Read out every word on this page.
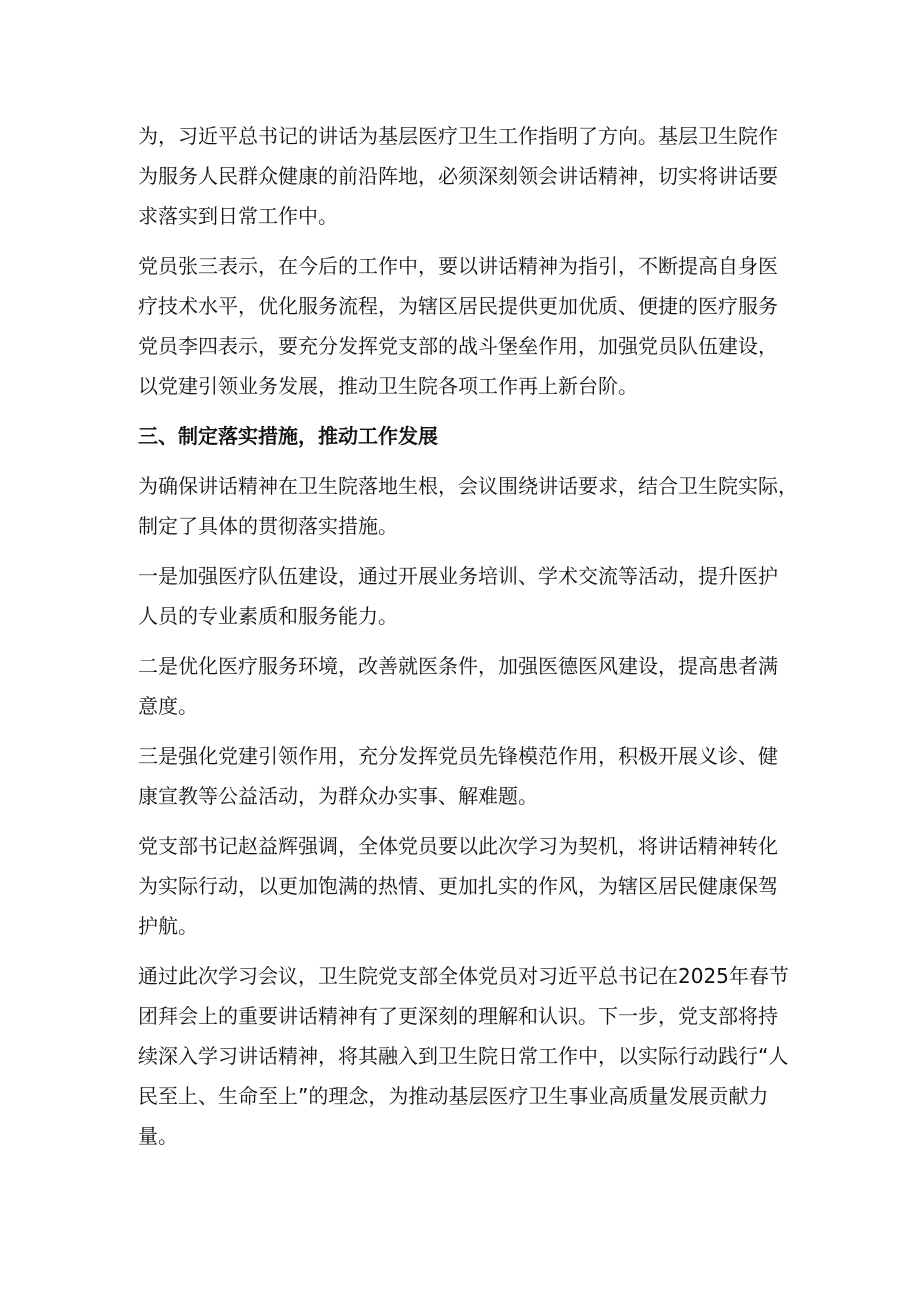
为，习近平总书记的讲话为基层医疗卫生工作指明了方向。基层卫生院作
为服务人民群众健康的前沿阵地，必须深刻领会讲话精神，切实将讲话要
求落实到日常工作中。
党员张三表示，在今后的工作中，要以讲话精神为指引，不断提高自身医
疗技术水平，优化服务流程，为辖区居民提供更加优质、便捷的医疗服务
党员李四表示，要充分发挥党支部的战斗堡垒作用，加强党员队伍建设，
以党建引领业务发展，推动卫生院各项工作再上新台阶。
三、制定落实措施，推动工作发展
为确保讲话精神在卫生院落地生根，会议围绕讲话要求，结合卫生院实际，
制定了具体的贯彻落实措施。
一是加强医疗队伍建设，通过开展业务培训、学术交流等活动，提升医护
人员的专业素质和服务能力。
二是优化医疗服务环境，改善就医条件，加强医德医风建设，提高患者满
意度。
三是强化党建引领作用，充分发挥党员先锋模范作用，积极开展义诊、健
康宣教等公益活动，为群众办实事、解难题。
党支部书记赵益辉强调，全体党员要以此次学习为契机，将讲话精神转化
为实际行动，以更加饱满的热情、更加扎实的作风，为辖区居民健康保驾
护航。
通过此次学习会议，卫生院党支部全体党员对习近平总书记在2025年春节
团拜会上的重要讲话精神有了更深刻的理解和认识。下一步，党支部将持
续深入学习讲话精神，将其融入到卫生院日常工作中，以实际行动践行“人
民至上、生命至上”的理念，为推动基层医疗卫生事业高质量发展贡献力
量。
